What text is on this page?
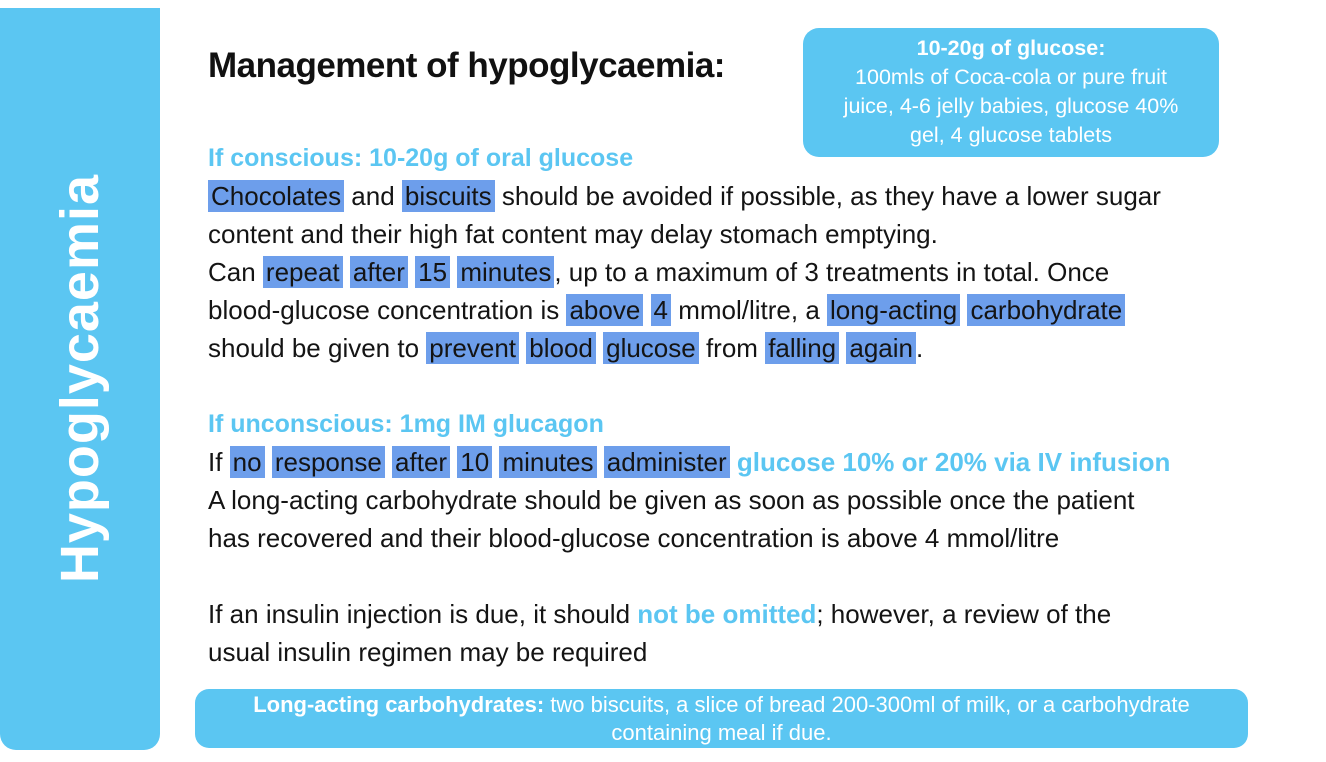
Hypoglycaemia
Management of hypoglycaemia:	10-20g of glucose:
100mls of Coca-cola or pure fruit
juice, 4-6 jelly babies, glucose 40%
gel, 4 glucose tablets
If conscious: 10-20g of oral glucose
Chocolates and biscuits should be avoided if possible, as they have a lower sugar
content and their high fat content may delay stomach emptying.
Can repeat after 15 minutes , up to a maximum of 3 treatments in total. Once
blood-glucose concentration is above 4 mmol/litre, a long-acting carbohydrate
should be given to prevent blood glucose from falling again .
If unconscious: 1mg IM glucagon
If no response after 10 minutes administer glucose 10% or 20% via IV infusion
A long-acting carbohydrate should be given as soon as possible once the patient
has recovered and their blood-glucose concentration is above 4 mmol/litre
If an insulin injection is due, it should not be omitted; however, a review of the
usual insulin regimen may be required
Long-acting carbohydrates: two biscuits, a slice of bread 200-300ml of milk, or a carbohydrate
containing meal if due.
